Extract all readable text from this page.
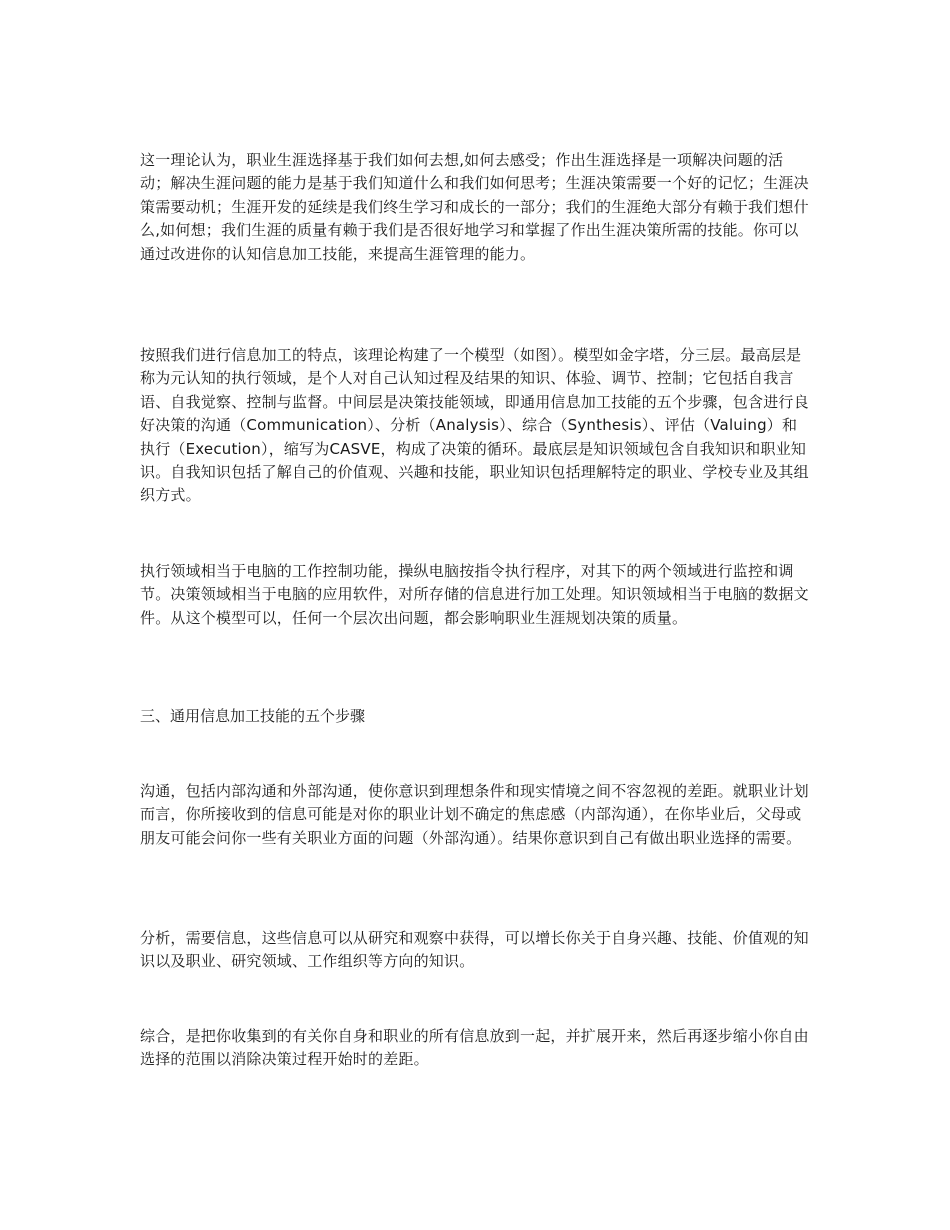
这一理论认为，职业生涯选择基于我们如何去想,如何去感受；作出生涯选择是一项解决问题的活动；解决生涯问题的能力是基于我们知道什么和我们如何思考；生涯决策需要一个好的记忆；生涯决策需要动机；生涯开发的延续是我们终生学习和成长的一部分；我们的生涯绝大部分有赖于我们想什么,如何想；我们生涯的质量有赖于我们是否很好地学习和掌握了作出生涯决策所需的技能。你可以通过改进你的认知信息加工技能，来提高生涯管理的能力。

按照我们进行信息加工的特点，该理论构建了一个模型（如图）。模型如金字塔，分三层。最高层是称为元认知的执行领域，是个人对自己认知过程及结果的知识、体验、调节、控制；它包括自我言语、自我觉察、控制与监督。中间层是决策技能领域，即通用信息加工技能的五个步骤，包含进行良好决策的沟通（Communication）、分析（Analysis）、综合（Synthesis）、评估（Valuing）和执行（Execution），缩写为CASVE，构成了决策的循环。最底层是知识领域包含自我知识和职业知识。自我知识包括了解自己的价值观、兴趣和技能，职业知识包括理解特定的职业、学校专业及其组织方式。

执行领域相当于电脑的工作控制功能，操纵电脑按指令执行程序，对其下的两个领域进行监控和调节。决策领域相当于电脑的应用软件，对所存储的信息进行加工处理。知识领域相当于电脑的数据文件。从这个模型可以，任何一个层次出问题，都会影响职业生涯规划决策的质量。

三、通用信息加工技能的五个步骤

沟通，包括内部沟通和外部沟通，使你意识到理想条件和现实情境之间不容忽视的差距。就职业计划而言，你所接收到的信息可能是对你的职业计划不确定的焦虑感（内部沟通），在你毕业后，父母或朋友可能会问你一些有关职业方面的问题（外部沟通）。结果你意识到自己有做出职业选择的需要。

分析，需要信息，这些信息可以从研究和观察中获得，可以增长你关于自身兴趣、技能、价值观的知识以及职业、研究领域、工作组织等方向的知识。

综合，是把你收集到的有关你自身和职业的所有信息放到一起，并扩展开来，然后再逐步缩小你自由选择的范围以消除决策过程开始时的差距。
